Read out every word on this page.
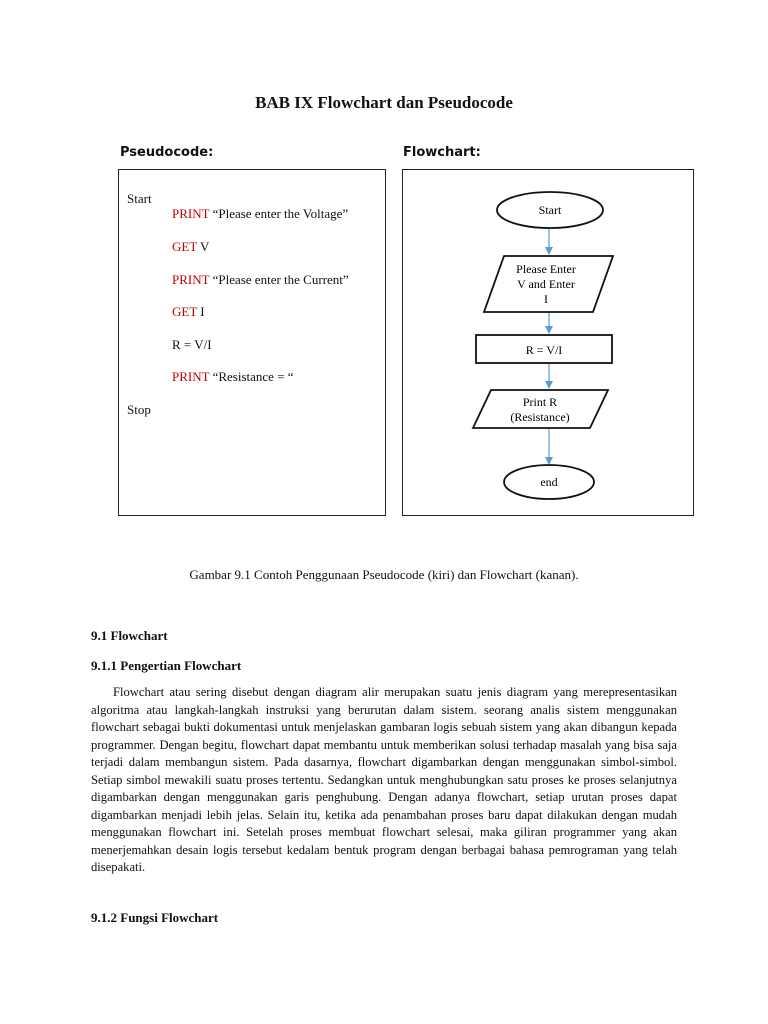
BAB IX Flowchart dan Pseudocode
Pseudocode:	Flowchart:
Start
PRINT “Please enter the Voltage”
GET V
PRINT “Please enter the Current”
GET I
R = V/I
PRINT “Resistance = “
Stop
Start
Please Enter
V and Enter
I
R = V/I
Print R
(Resistance)
end
Gambar 9.1 Contoh Penggunaan Pseudocode (kiri) dan Flowchart (kanan).
9.1 Flowchart
9.1.1 Pengertian Flowchart

Flowchart atau sering disebut dengan diagram alir merupakan suatu jenis diagram yang merepresentasikan algoritma atau langkah-langkah instruksi yang berurutan dalam sistem. seorang analis sistem menggunakan flowchart sebagai bukti dokumentasi untuk menjelaskan gambaran logis sebuah sistem yang akan dibangun kepada programmer. Dengan begitu, flowchart dapat membantu untuk memberikan solusi terhadap masalah yang bisa saja terjadi dalam membangun sistem. Pada dasarnya, flowchart digambarkan dengan menggunakan simbol-simbol. Setiap simbol mewakili suatu proses tertentu. Sedangkan untuk menghubungkan satu proses ke proses selanjutnya digambarkan dengan menggunakan garis penghubung. Dengan adanya flowchart, setiap urutan proses dapat digambarkan menjadi lebih jelas. Selain itu, ketika ada penambahan proses baru dapat dilakukan dengan mudah menggunakan flowchart ini. Setelah proses membuat flowchart selesai, maka giliran programmer yang akan menerjemahkan desain logis tersebut kedalam bentuk program dengan berbagai bahasa pemrograman yang telah disepakati.

9.1.2 Fungsi Flowchart
